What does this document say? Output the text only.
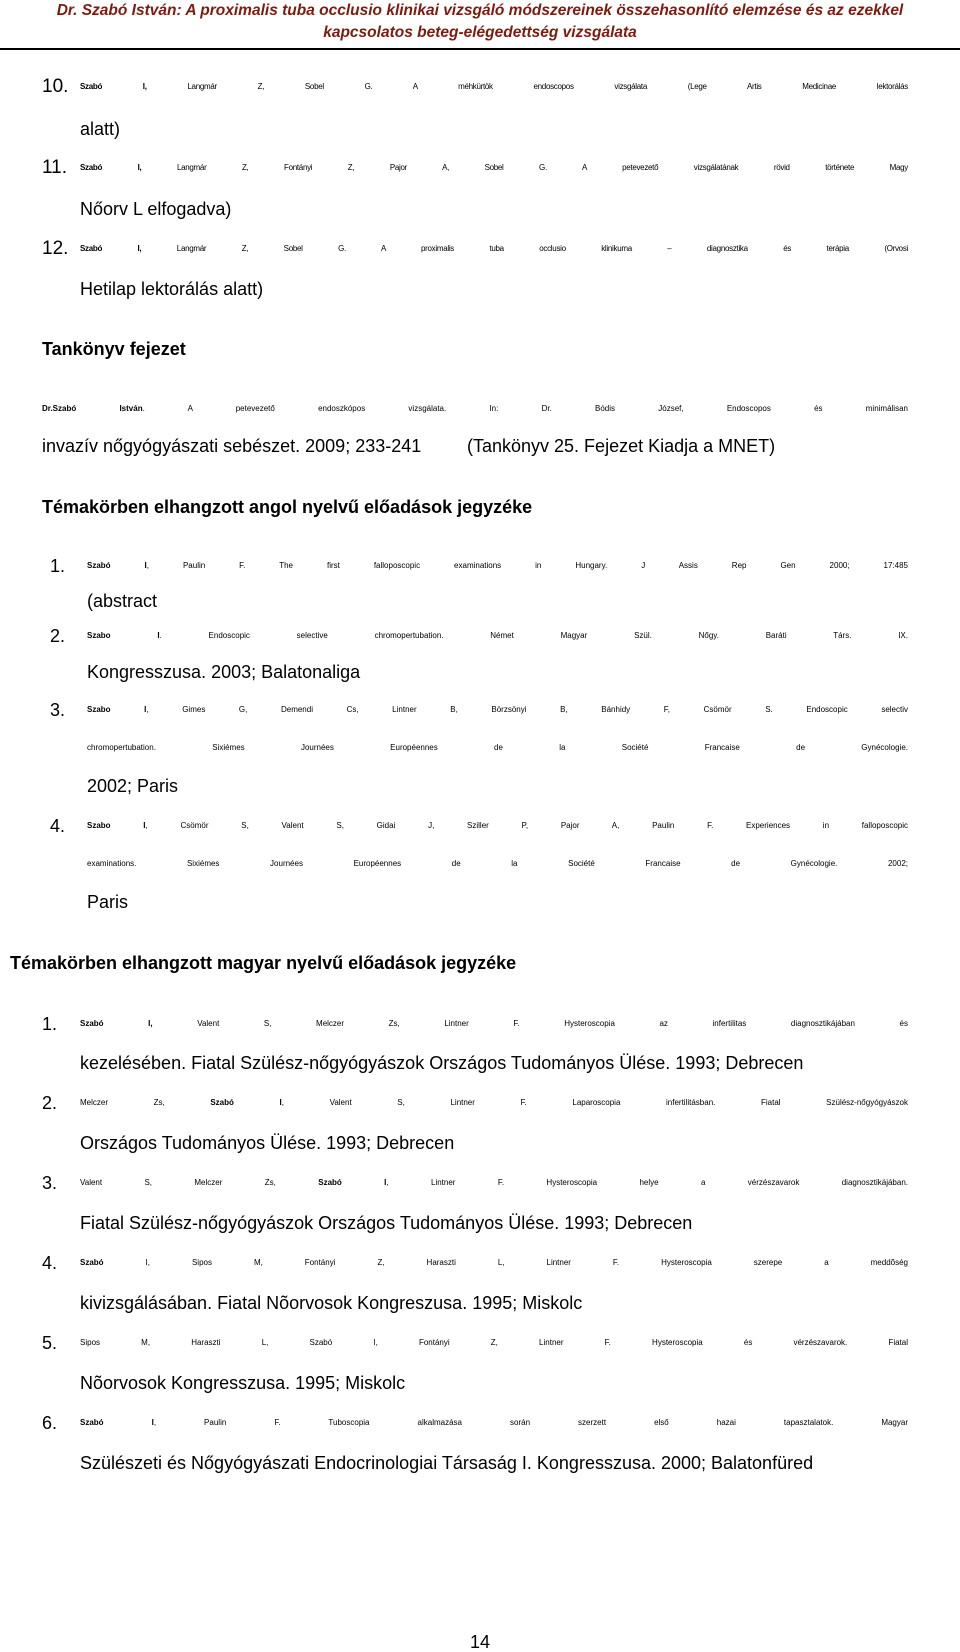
Dr. Szabó István: A proximalis tuba occlusio klinikai vizsgáló módszereinek összehasonlító elemzése és az ezekkel
kapcsolatos beteg-elégedettség vizsgálata
10. Szabó I, Langmár Z, Sobel G. A méhkürtök endoscopos vizsgálata (Lege Artis Medicinae lektorálás
alatt)
11. Szabó I, Langmár Z, Fontányi Z, Pajor A, Sobel G. A petevezető vizsgálatának rövid története Magy
Nőorv L elfogadva)
12. Szabó I, Langmár Z, Sobel G. A proximalis tuba occlusio klinikuma – diagnosztika és terápia (Orvosi
Hetilap lektorálás alatt)
Tankönyv fejezet
Dr.Szabó István. A petevezető endoszkópos vizsgálata. In: Dr. Bódis József, Endoscopos és minimálisan
invazív nőgyógyászati sebészet. 2009; 233-241	(Tankönyv 25. Fejezet Kiadja a MNET)
Témakörben elhangzott angol nyelvű előadások jegyzéke
1.	Szabó I, Paulin F. The first falloposcopic examinations in Hungary. J Assis Rep Gen 2000; 17:485
(abstract
2.	Szabo I. Endoscopic selective chromopertubation. Német Magyar Szül. Nőgy. Baráti Társ. IX.
Kongresszusa. 2003; Balatonaliga
3.	Szabo I, Gimes G, Demendi Cs, Lintner B, Börzsönyi B, Bánhidy F, Csömör S. Endoscopic selectiv
chromopertubation. Sixiémes Journées Européennes de la Société Francaise de Gynécologie.
2002; Paris
4.	Szabo I, Csömör S, Valent S, Gidai J, Sziller P, Pajor A, Paulin F. Experiences in falloposcopic
examinations. Sixiémes Journées Européennes de la Société Francaise de Gynécologie. 2002;
Paris
Témakörben elhangzott magyar nyelvű előadások jegyzéke
1.	Szabó I, Valent S, Melczer Zs, Lintner F. Hysteroscopia az infertilitas diagnosztikájában és
kezelésében. Fiatal Szülész-nőgyógyászok Országos Tudományos Ülése. 1993; Debrecen
2.	Melczer Zs, Szabó I, Valent S, Lintner F. Laparoscopia infertilitásban. Fiatal Szülész-nőgyógyászok
Országos Tudományos Ülése. 1993; Debrecen
3.	Valent S, Melczer Zs, Szabó I, Lintner F. Hysteroscopia helye a vérzészavarok diagnosztikájában.
Fiatal Szülész-nőgyógyászok Országos Tudományos Ülése. 1993; Debrecen
4.	Szabó I, Sipos M, Fontányi Z, Haraszti L, Lintner F. Hysteroscopia szerepe a meddõség
kivizsgálásában. Fiatal Nõorvosok Kongreszusa. 1995; Miskolc
5.	Sipos M, Haraszti L, Szabó I, Fontányi Z, Lintner F. Hysteroscopia és vérzészavarok. Fiatal
Nõorvosok Kongresszusa. 1995; Miskolc
6.	Szabó I, Paulin F. Tuboscopia alkalmazása során szerzett első hazai tapasztalatok. Magyar
Szülészeti és Nőgyógyászati Endocrinologiai Társaság I. Kongresszusa. 2000; Balatonfüred
14
